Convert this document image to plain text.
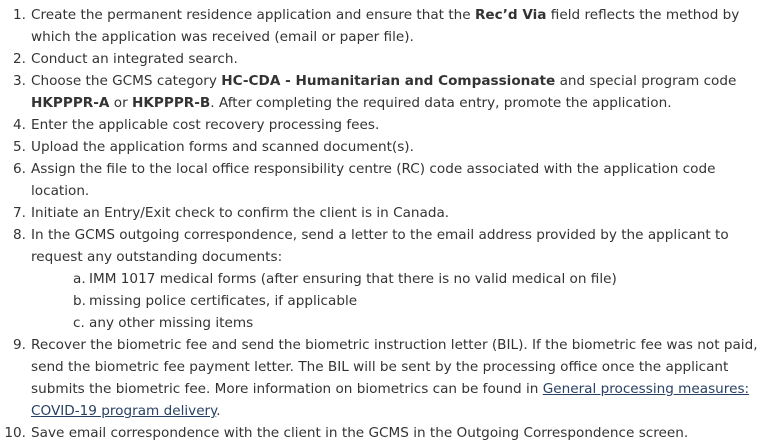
1. Create the permanent residence application and ensure that the Rec’d Via field reflects the method by which the application was received (email or paper file).
2. Conduct an integrated search.
3. Choose the GCMS category HC-CDA - Humanitarian and Compassionate and special program code HKPPPR-A or HKPPPR-B. After completing the required data entry, promote the application.
4. Enter the applicable cost recovery processing fees.
5. Upload the application forms and scanned document(s).
6. Assign the file to the local office responsibility centre (RC) code associated with the application code location.
7. Initiate an Entry/Exit check to confirm the client is in Canada.
8. In the GCMS outgoing correspondence, send a letter to the email address provided by the applicant to request any outstanding documents:
a. IMM 1017 medical forms (after ensuring that there is no valid medical on file)
b. missing police certificates, if applicable
c. any other missing items
9. Recover the biometric fee and send the biometric instruction letter (BIL). If the biometric fee was not paid, send the biometric fee payment letter. The BIL will be sent by the processing office once the applicant submits the biometric fee. More information on biometrics can be found in General processing measures: COVID-19 program delivery.
10. Save email correspondence with the client in the GCMS in the Outgoing Correspondence screen.
